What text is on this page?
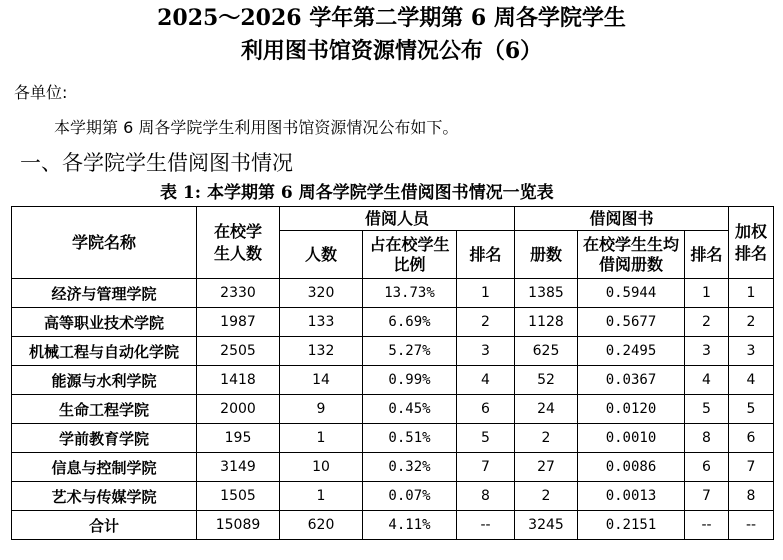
2025～2026 学年第二学期第 6 周各学院学生
利用图书馆资源情况公布（6）
各单位:
本学期第 6 周各学院学生利用图书馆资源情况公布如下。
一、各学院学生借阅图书情况
表 1: 本学期第 6 周各学院学生借阅图书情况一览表
学院名称	在校学生人数	借阅人员			借阅图书			加权排名

		人数	占在校学生比例	排名	册数	在校学生生均借阅册数	排名	
经济与管理学院	2330	320	13.73%	1	1385	0.5944	1	1
高等职业技术学院	1987	133	6.69%	2	1128	0.5677	2	2
机械工程与自动化学院	2505	132	5.27%	3	625	0.2495	3	3
能源与水利学院	1418	14	0.99%	4	52	0.0367	4	4
生命工程学院	2000	9	0.45%	6	24	0.0120	5	5
学前教育学院	195	1	0.51%	5	2	0.0010	8	6
信息与控制学院	3149	10	0.32%	7	27	0.0086	6	7
艺术与传媒学院	1505	1	0.07%	8	2	0.0013	7	8
合计	15089	620	4.11%	--	3245	0.2151	--	--
